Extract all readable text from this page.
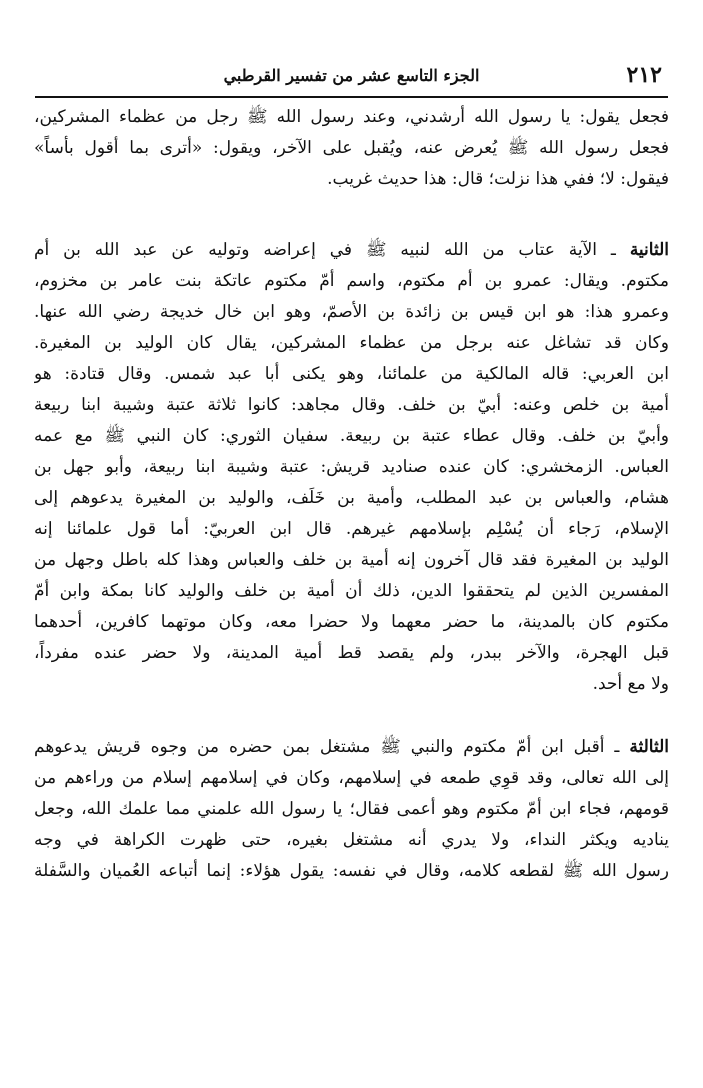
٢١٢
الجزء التاسع عشر من تفسير القرطبي
فجعل يقول: يا رسول الله أرشدني، وعند رسول الله ﷺ رجل من عظماء المشركين،
فجعل رسول الله ﷺ يُعرض عنه، ويُقبل على الآخر، ويقول: «أترى بما أقول بأساً»
فيقول: لا؛ ففي هذا نزلت؛ قال: هذا حديث غريب.
الثانية ـ الآية عتاب من الله لنبيه ﷺ في إعراضه وتوليه عن عبد الله بن أم
مكتوم. ويقال: عمرو بن أم مكتوم، واسم أمّ مكتوم عاتكة بنت عامر بن مخزوم،
وعمرو هذا: هو ابن قيس بن زائدة بن الأصمّ، وهو ابن خال خديجة رضي الله عنها.
وكان قد تشاغل عنه برجل من عظماء المشركين، يقال كان الوليد بن المغيرة.
ابن العربي: قاله المالكية من علمائنا، وهو يكنى أبا عبد شمس. وقال قتادة: هو
أمية بن خلص وعنه: أبيّ بن خلف. وقال مجاهد: كانوا ثلاثة عتبة وشيبة ابنا ربيعة
وأبيّ بن خلف. وقال عطاء عتبة بن ربيعة. سفيان الثوري: كان النبي ﷺ مع عمه
العباس. الزمخشري: كان عنده صناديد قريش: عتبة وشيبة ابنا ربيعة، وأبو جهل بن
هشام، والعباس بن عبد المطلب، وأمية بن خَلَف، والوليد بن المغيرة يدعوهم إلى
الإسلام، رَجاء أن يُسْلِم بإسلامهم غيرهم. قال ابن العربيّ: أما قول علمائنا إنه
الوليد بن المغيرة فقد قال آخرون إنه أمية بن خلف والعباس وهذا كله باطل وجهل من
المفسرين الذين لم يتحققوا الدين، ذلك أن أمية بن خلف والوليد كانا بمكة وابن أمّ
مكتوم كان بالمدينة، ما حضر معهما ولا حضرا معه، وكان موتهما كافرين، أحدهما
قبل الهجرة، والآخر ببدر، ولم يقصد قط أمية المدينة، ولا حضر عنده مفرداً،
ولا مع أحد.
الثالثة ـ أقبل ابن أمّ مكتوم والنبي ﷺ مشتغل بمن حضره من وجوه قريش يدعوهم
إلى الله تعالى، وقد قوِي طمعه في إسلامهم، وكان في إسلامهم إسلام من وراءهم من
قومهم، فجاء ابن أمّ مكتوم وهو أعمى فقال؛ يا رسول الله علمني مما علمك الله، وجعل
يناديه ويكثر النداء، ولا يدري أنه مشتغل بغيره، حتى ظهرت الكراهة في وجه
رسول الله ﷺ لقطعه كلامه، وقال في نفسه: يقول هؤلاء: إنما أتباعه العُميان والسَّفلة
